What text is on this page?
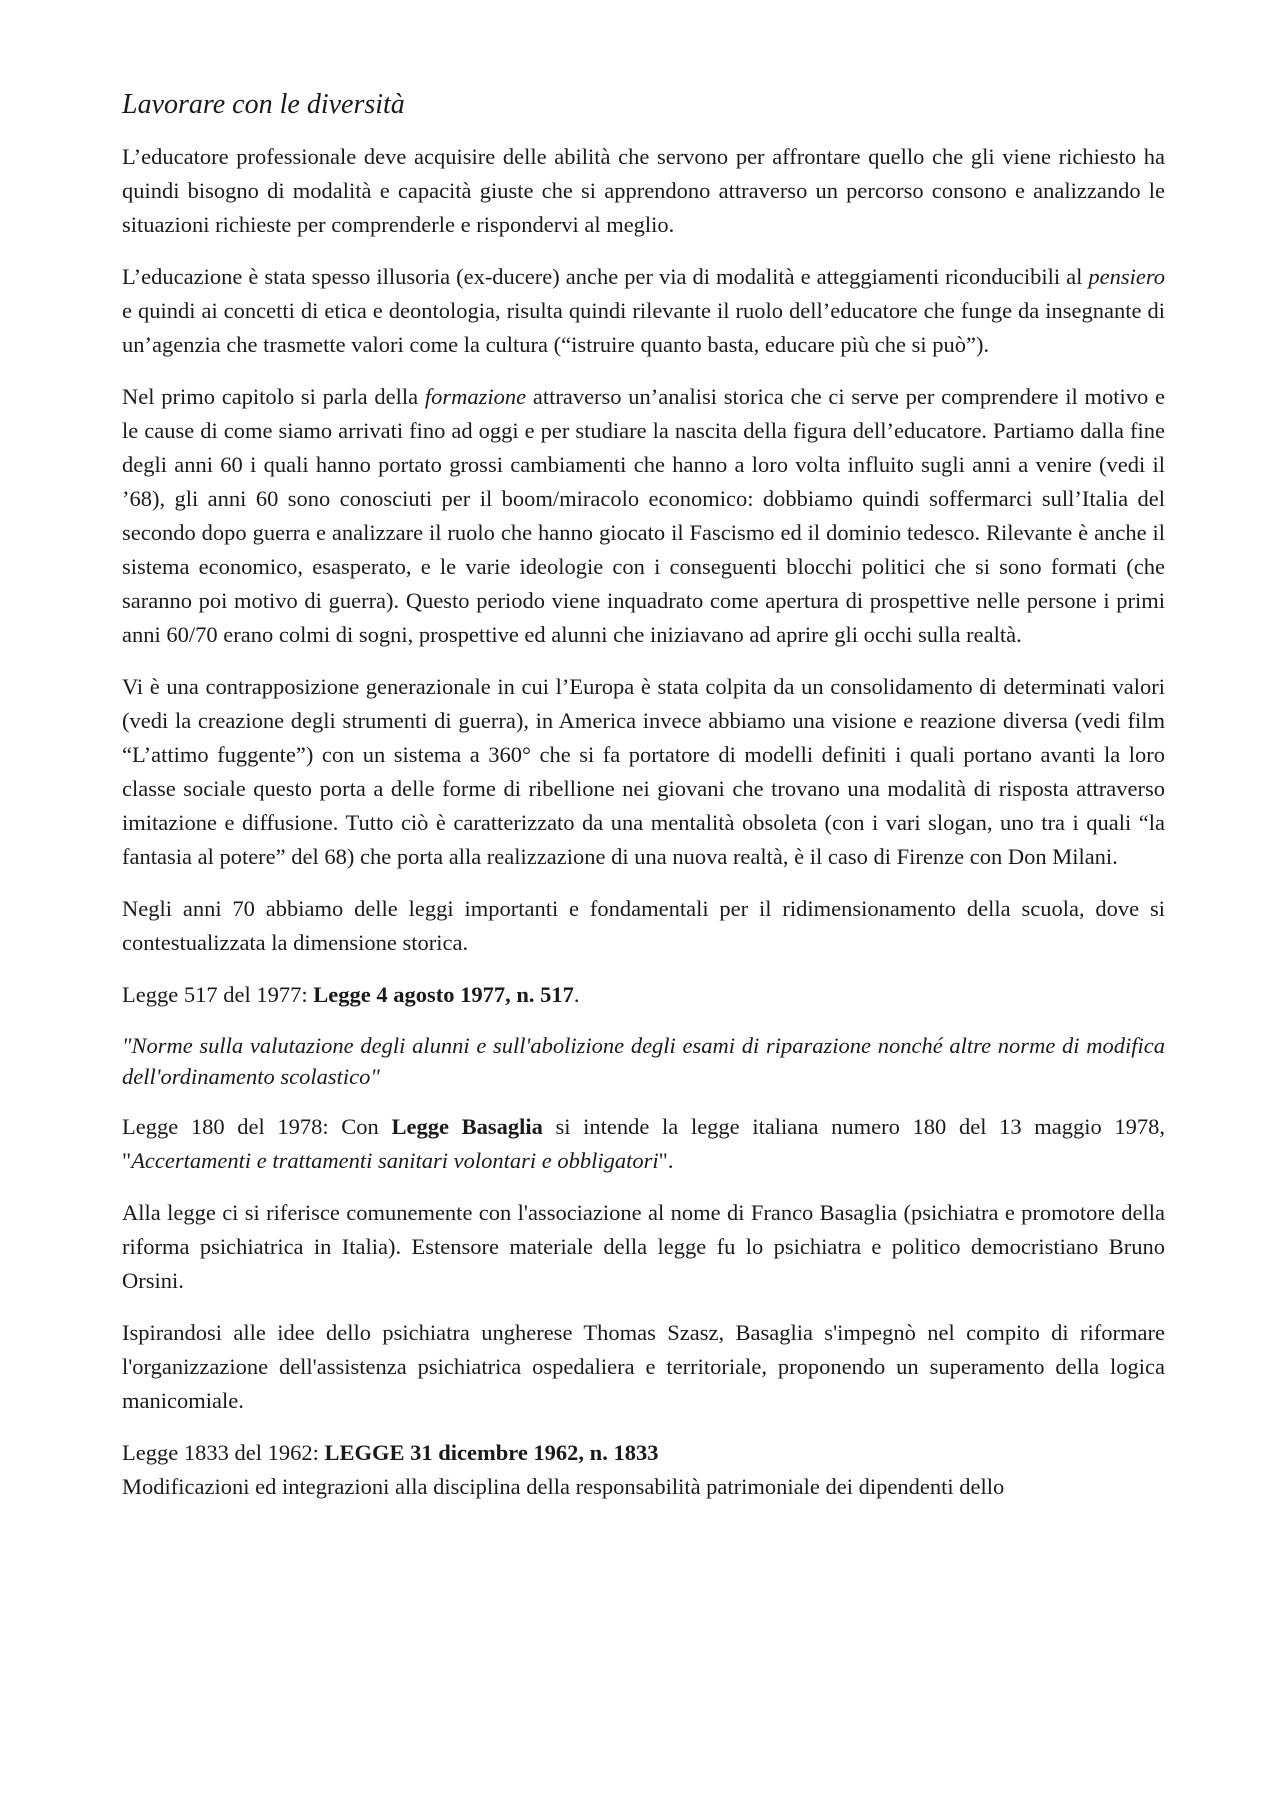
Lavorare con le diversità

L’educatore professionale deve acquisire delle abilità che servono per affrontare quello che gli viene richiesto ha quindi bisogno di modalità e capacità giuste che si apprendono attraverso un percorso consono e analizzando le situazioni richieste per comprenderle e rispondervi al meglio.

L’educazione è stata spesso illusoria (ex-ducere) anche per via di modalità e atteggiamenti riconducibili al pensiero e quindi ai concetti di etica e deontologia, risulta quindi rilevante il ruolo dell’educatore che funge da insegnante di un’agenzia che trasmette valori come la cultura (“istruire quanto basta, educare più che si può”).

Nel primo capitolo si parla della formazione attraverso un’analisi storica che ci serve per comprendere il motivo e le cause di come siamo arrivati fino ad oggi e per studiare la nascita della figura dell’educatore. Partiamo dalla fine degli anni 60 i quali hanno portato grossi cambiamenti che hanno a loro volta influito sugli anni a venire (vedi il ’68), gli anni 60 sono conosciuti per il boom/miracolo economico: dobbiamo quindi soffermarci sull’Italia del secondo dopo guerra e analizzare il ruolo che hanno giocato il Fascismo ed il dominio tedesco. Rilevante è anche il sistema economico, esasperato, e le varie ideologie con i conseguenti blocchi politici che si sono formati (che saranno poi motivo di guerra). Questo periodo viene inquadrato come apertura di prospettive nelle persone i primi anni 60/70 erano colmi di sogni, prospettive ed alunni che iniziavano ad aprire gli occhi sulla realtà.

Vi è una contrapposizione generazionale in cui l’Europa è stata colpita da un consolidamento di determinati valori (vedi la creazione degli strumenti di guerra), in America invece abbiamo una visione e reazione diversa (vedi film “L’attimo fuggente”) con un sistema a 360° che si fa portatore di modelli definiti i quali portano avanti la loro classe sociale questo porta a delle forme di ribellione nei giovani che trovano una modalità di risposta attraverso imitazione e diffusione. Tutto ciò è caratterizzato da una mentalità obsoleta (con i vari slogan, uno tra i quali “la fantasia al potere” del 68) che porta alla realizzazione di una nuova realtà, è il caso di Firenze con Don Milani.

Negli anni 70 abbiamo delle leggi importanti e fondamentali per il ridimensionamento della scuola, dove si contestualizzata la dimensione storica.

Legge 517 del 1977: Legge 4 agosto 1977, n. 517.

"Norme sulla valutazione degli alunni e sull'abolizione degli esami di riparazione nonché altre norme di modifica dell'ordinamento scolastico"

Legge 180 del 1978: Con Legge Basaglia si intende la legge italiana numero 180 del 13 maggio 1978, "Accertamenti e trattamenti sanitari volontari e obbligatori".

Alla legge ci si riferisce comunemente con l'associazione al nome di Franco Basaglia (psichiatra e promotore della riforma psichiatrica in Italia). Estensore materiale della legge fu lo psichiatra e politico democristiano Bruno Orsini.

Ispirandosi alle idee dello psichiatra ungherese Thomas Szasz, Basaglia s'impegnò nel compito di riformare l'organizzazione dell'assistenza psichiatrica ospedaliera e territoriale, proponendo un superamento della logica manicomiale.

Legge 1833 del 1962: LEGGE 31 dicembre 1962, n. 1833

Modificazioni ed integrazioni alla disciplina della responsabilità patrimoniale dei dipendenti dello
